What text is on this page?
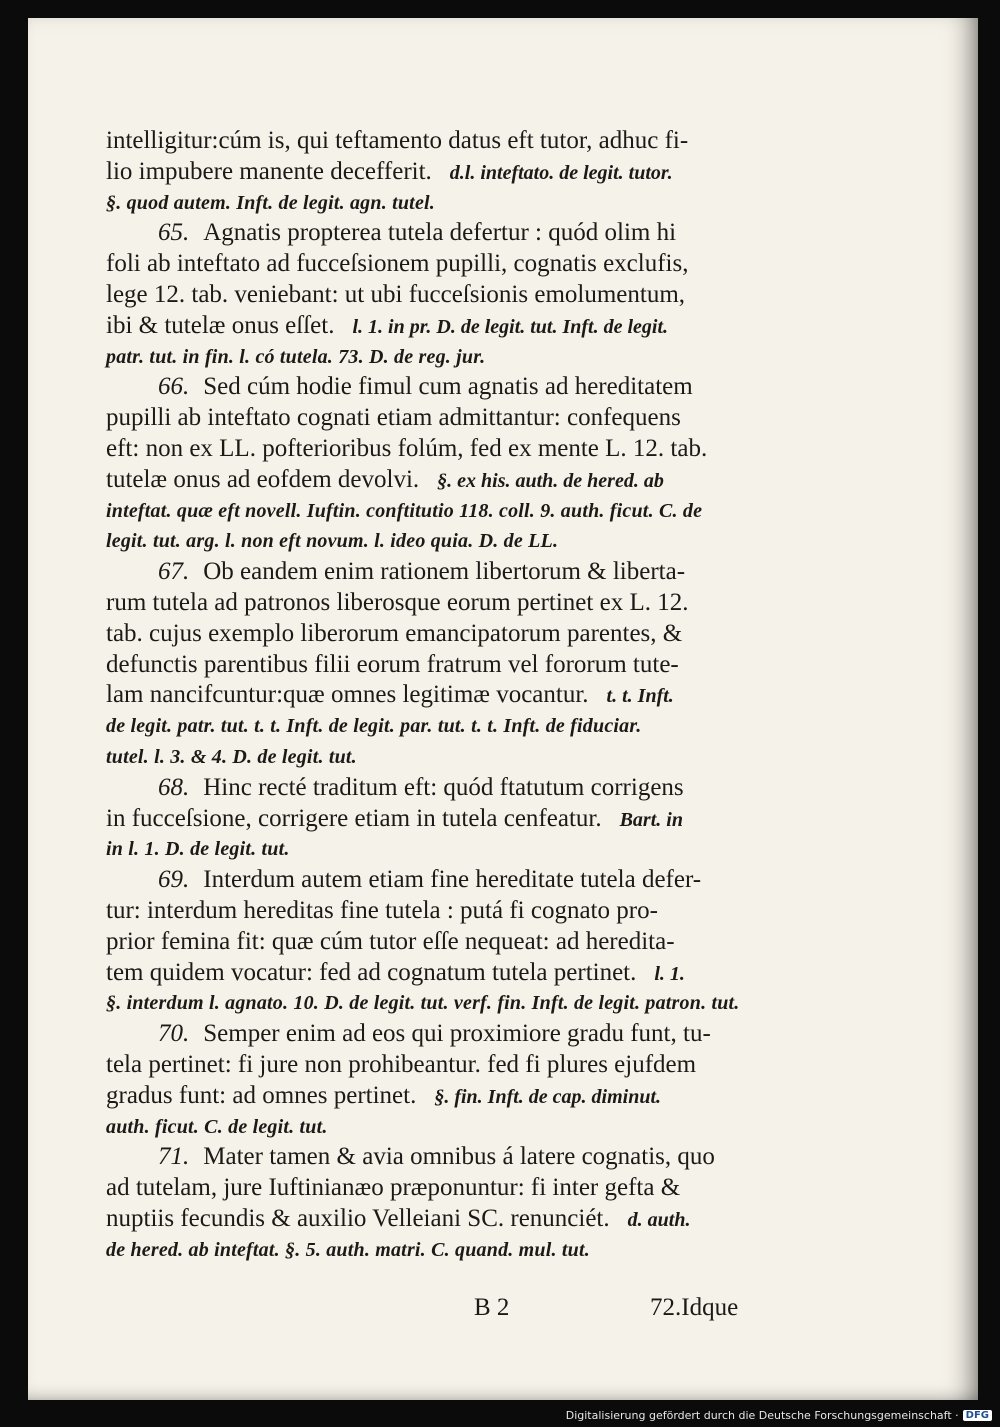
intelligitur:cúm is, qui teftamento datus eft tutor, adhuc fi-
lio impubere manente decefferit. d.l. inteftato. de legit. tutor.
§. quod autem. Inft. de legit. agn. tutel.
65. Agnatis propterea tutela defertur : quód olim hi
foli ab inteftato ad fucceſsionem pupilli, cognatis exclufis,
lege 12. tab. veniebant: ut ubi fucceſsionis emolumentum,
ibi & tutelæ onus eſſet. l. 1. in pr. D. de legit. tut. Inft. de legit.
patr. tut. in fin. l. có tutela. 73. D. de reg. jur.
66. Sed cúm hodie fimul cum agnatis ad hereditatem
pupilli ab inteftato cognati etiam admittantur: confequens
eft: non ex LL. pofterioribus folúm, fed ex mente L. 12. tab.
tutelæ onus ad eofdem devolvi. §. ex his. auth. de hered. ab
inteftat. quæ eft novell. Iuftin. conftitutio 118. coll. 9. auth. ficut. C. de
legit. tut. arg. l. non eft novum. l. ideo quia. D. de LL.
67. Ob eandem enim rationem libertorum & liberta-
rum tutela ad patronos liberosque eorum pertinet ex L. 12.
tab. cujus exemplo liberorum emancipatorum parentes, &
defunctis parentibus filii eorum fratrum vel fororum tute-
lam nancifcuntur:quæ omnes legitimæ vocantur. t. t. Inft.
de legit. patr. tut. t. t. Inft. de legit. par. tut. t. t. Inft. de fiduciar.
tutel. l. 3. & 4. D. de legit. tut.
68. Hinc recté traditum eft: quód ftatutum corrigens
in fucceſsione, corrigere etiam in tutela cenfeatur. Bart. in
in l. 1. D. de legit. tut.
69. Interdum autem etiam fine hereditate tutela defer-
tur: interdum hereditas fine tutela : putá fi cognato pro-
prior femina fit: quæ cúm tutor eſſe nequeat: ad heredita-
tem quidem vocatur: fed ad cognatum tutela pertinet. l. 1.
§. interdum l. agnato. 10. D. de legit. tut. verf. fin. Inft. de legit. patron. tut.
70. Semper enim ad eos qui proximiore gradu funt, tu-
tela pertinet: fi jure non prohibeantur. fed fi plures ejufdem
gradus funt: ad omnes pertinet. §. fin. Inft. de cap. diminut.
auth. ficut. C. de legit. tut.
71. Mater tamen & avia omnibus á latere cognatis, quo
ad tutelam, jure Iuftinianæo præponuntur: fi inter gefta &
nuptiis fecundis & auxilio Velleiani SC. renunciét. d. auth.
de hered. ab inteftat. §. 5. auth. matri. C. quand. mul. tut.
B 2	72.Idque
Digitalisierung gefördert durch die Deutsche Forschungsgemeinschaft · DFG
